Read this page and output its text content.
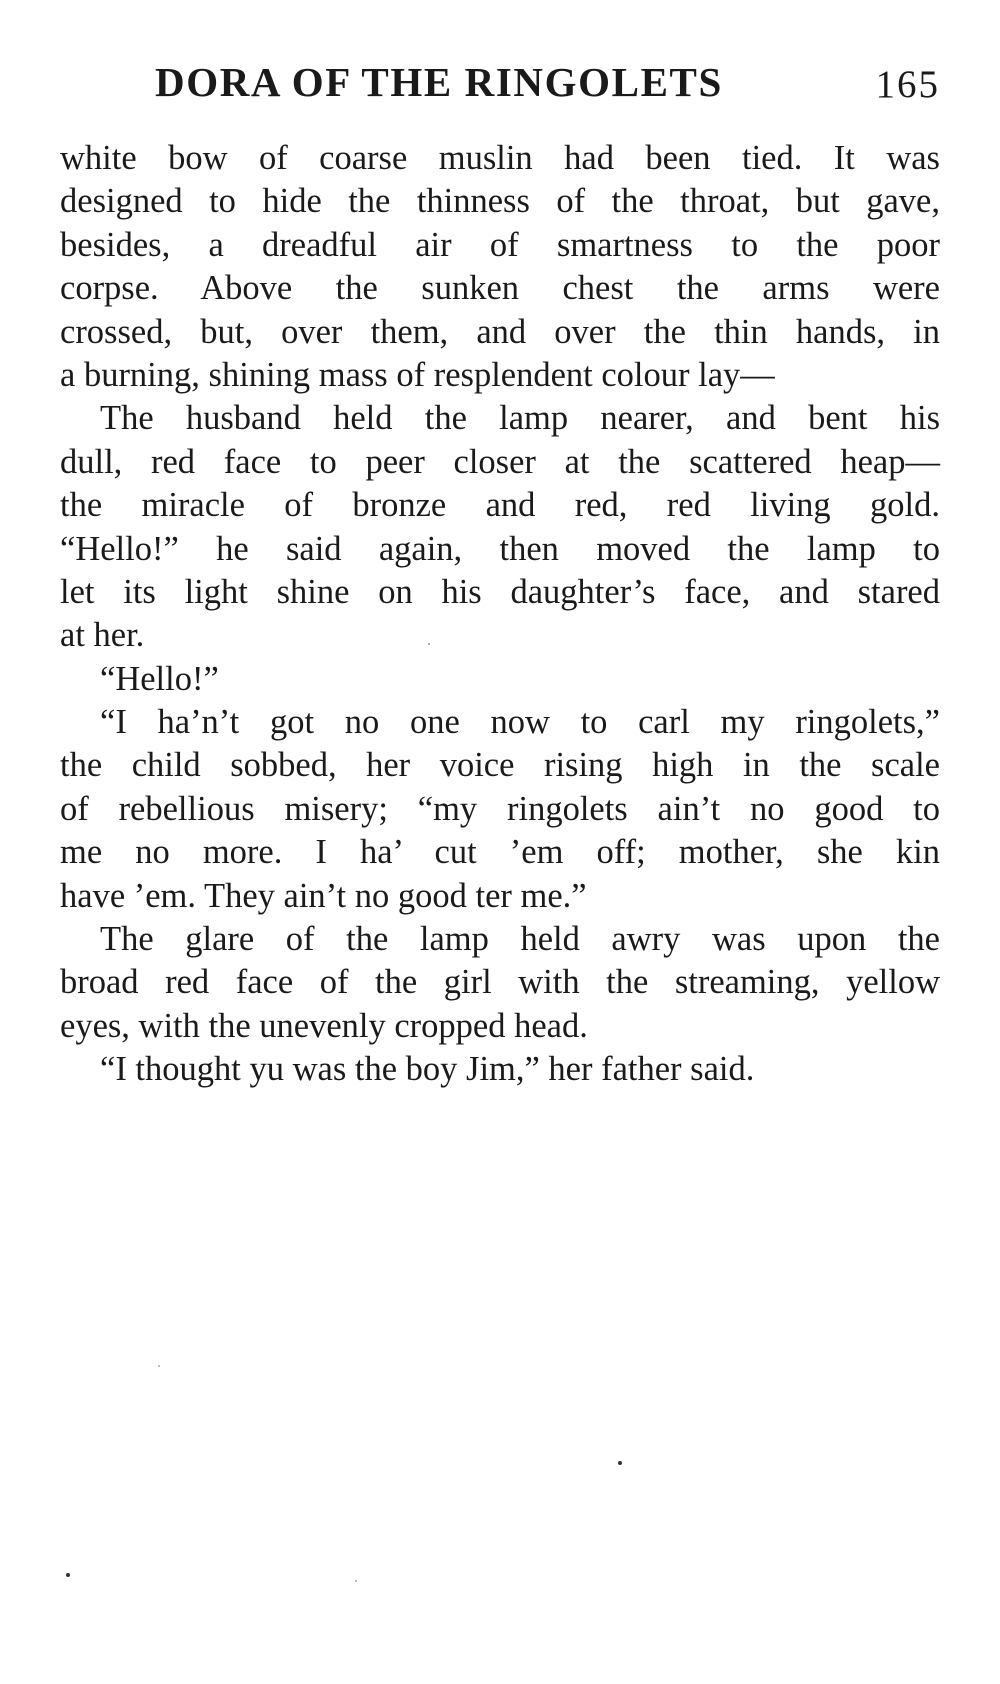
DORA OF THE RINGOLETS	165
white bow of coarse muslin had been tied. It was
designed to hide the thinness of the throat, but gave,
besides, a dreadful air of smartness to the poor
corpse. Above the sunken chest the arms were
crossed, but, over them, and over the thin hands, in
a burning, shining mass of resplendent colour lay—
The husband held the lamp nearer, and bent his
dull, red face to peer closer at the scattered heap—
the miracle of bronze and red, red living gold.
“Hello!” he said again, then moved the lamp to
let its light shine on his daughter’s face, and stared
at her.
“Hello!”
“I ha’n’t got no one now to carl my ringolets,”
the child sobbed, her voice rising high in the scale
of rebellious misery; “my ringolets ain’t no good to
me no more. I ha’ cut ’em off; mother, she kin
have ’em. They ain’t no good ter me.”
The glare of the lamp held awry was upon the
broad red face of the girl with the streaming, yellow
eyes, with the unevenly cropped head.
“I thought yu was the boy Jim,” her father said.
